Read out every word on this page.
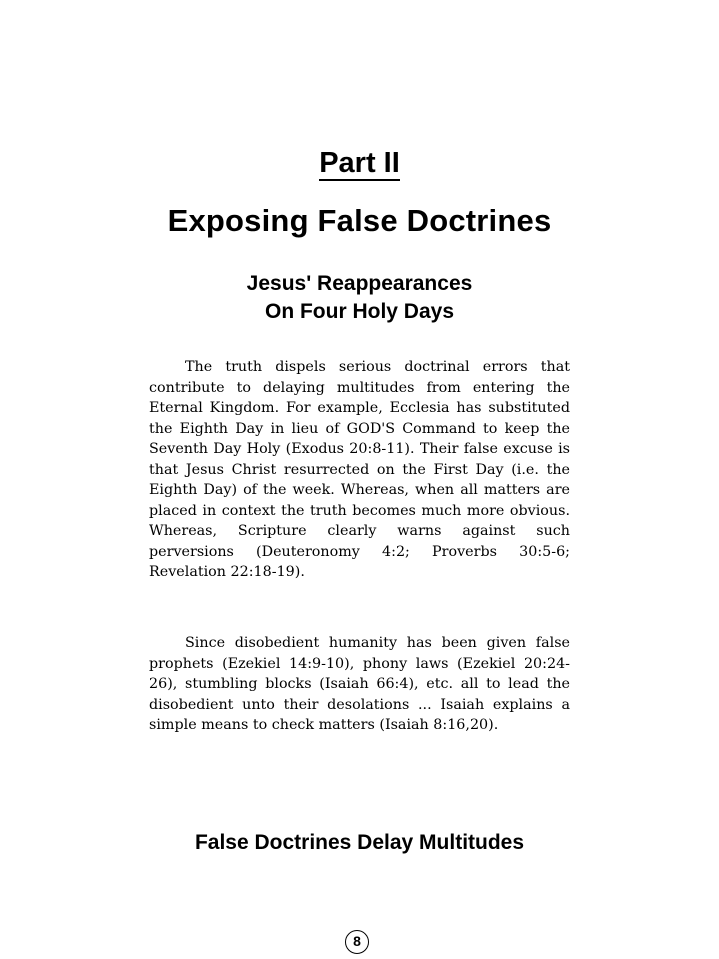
Part II
Exposing False Doctrines
Jesus' Reappearances
On Four Holy Days

The truth dispels serious doctrinal errors that contribute to delaying multitudes from entering the Eternal Kingdom. For example, Ecclesia has substituted the Eighth Day in lieu of GOD'S Command to keep the Seventh Day Holy (Exodus 20:8-11). Their false excuse is that Jesus Christ resurrected on the First Day (i.e. the Eighth Day) of the week. Whereas, when all matters are placed in context the truth becomes much more obvious. Whereas, Scripture clearly warns against such perversions (Deuteronomy 4:2; Proverbs 30:5-6; Revelation 22:18-19).

Since disobedient humanity has been given false prophets (Ezekiel 14:9-10), phony laws (Ezekiel 20:24-26), stumbling blocks (Isaiah 66:4), etc. all to lead the disobedient unto their desolations ... Isaiah explains a simple means to check matters (Isaiah 8:16,20).

False Doctrines Delay Multitudes
8
